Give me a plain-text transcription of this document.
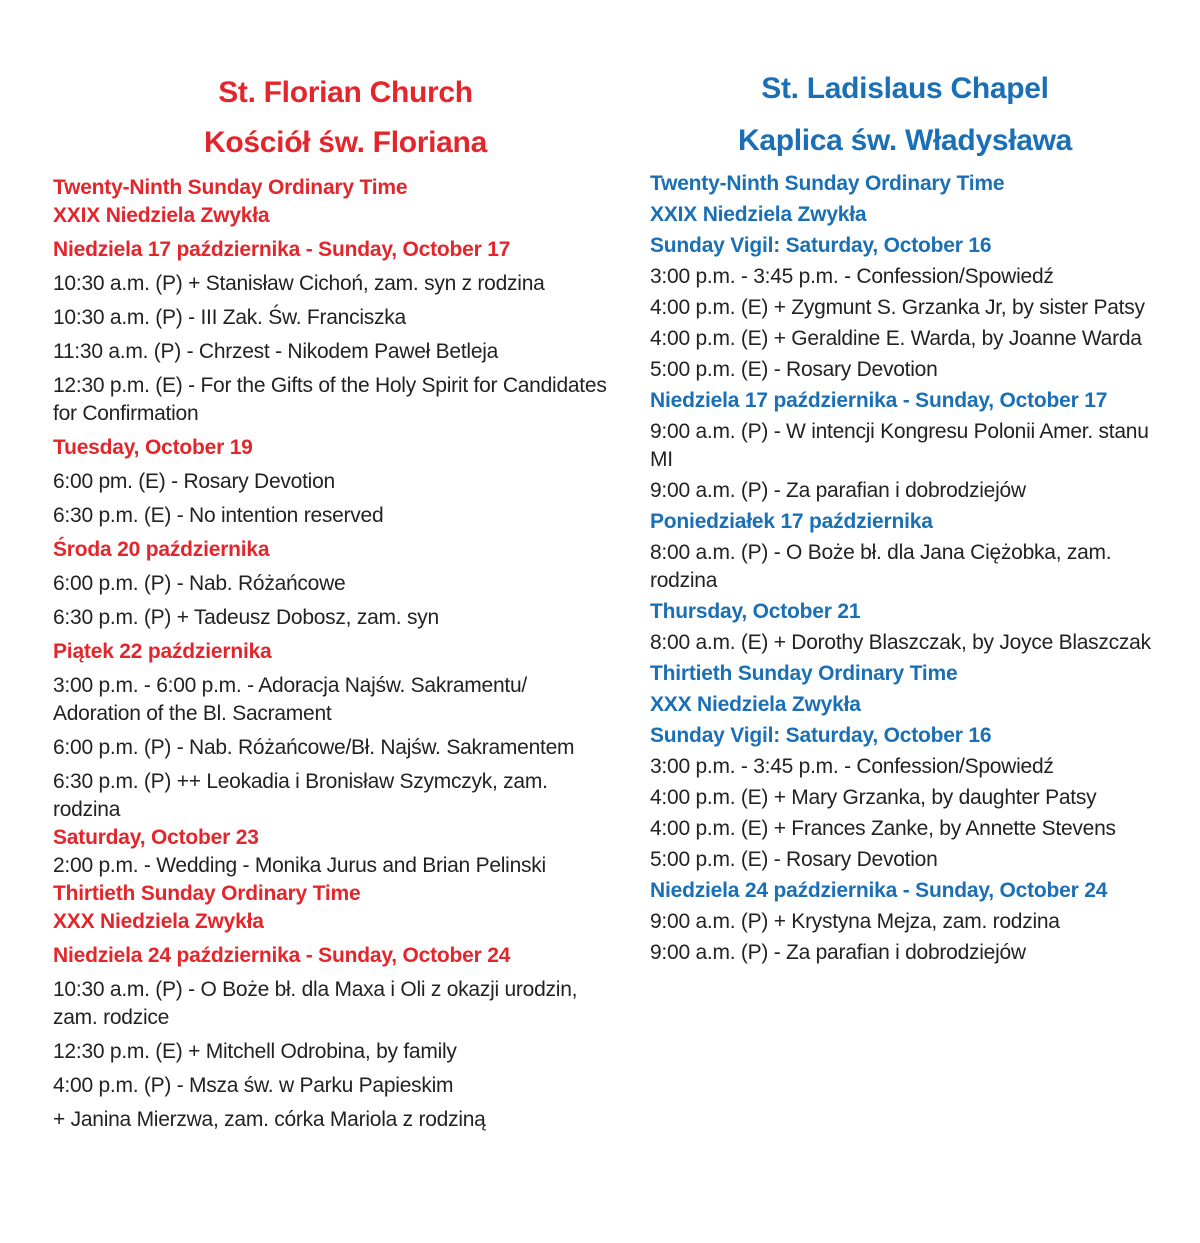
St. Florian Church
Kościół św. Floriana

Twenty-Ninth Sunday Ordinary Time

XXIX Niedziela Zwykła

Niedziela 17 października - Sunday, October 17

10:30 a.m. (P) + Stanisław Cichoń, zam. syn z rodzina

10:30 a.m. (P) - III Zak. Św. Franciszka

11:30 a.m. (P) - Chrzest - Nikodem Paweł Betleja

12:30 p.m. (E) - For the Gifts of the Holy Spirit for Candidates for Confirmation

Tuesday, October 19

6:00 pm. (E) - Rosary Devotion

6:30 p.m. (E) - No intention reserved

Środa 20 października

6:00 p.m. (P) - Nab. Różańcowe

6:30 p.m. (P) + Tadeusz Dobosz, zam. syn

Piątek 22 października

3:00 p.m. - 6:00 p.m. - Adoracja Najśw. Sakramentu/ Adoration of the Bl. Sacrament

6:00 p.m. (P) - Nab. Różańcowe/Bł. Najśw. Sakramentem

6:30 p.m. (P) ++ Leokadia i Bronisław Szymczyk, zam. rodzina

Saturday, October 23

2:00 p.m. - Wedding - Monika Jurus and Brian Pelinski

Thirtieth Sunday Ordinary Time

XXX Niedziela Zwykła

Niedziela 24 października - Sunday, October 24

10:30 a.m. (P) - O Boże bł. dla Maxa i Oli z okazji urodzin, zam. rodzice

12:30 p.m. (E) + Mitchell Odrobina, by family

4:00 p.m. (P) - Msza św. w Parku Papieskim

+ Janina Mierzwa, zam. córka Mariola z rodziną

St. Ladislaus Chapel
Kaplica św. Władysława

Twenty-Ninth Sunday Ordinary Time

XXIX Niedziela Zwykła

Sunday Vigil: Saturday, October 16

3:00 p.m. - 3:45 p.m. - Confession/Spowiedź

4:00 p.m. (E) + Zygmunt S. Grzanka Jr, by sister Patsy

4:00 p.m. (E) + Geraldine E. Warda, by Joanne Warda

5:00 p.m. (E) - Rosary Devotion

Niedziela 17 października - Sunday, October 17

9:00 a.m. (P) - W intencji Kongresu Polonii Amer. stanu MI

9:00 a.m. (P) - Za parafian i dobrodziejów

Poniedziałek 17 października

8:00 a.m. (P) - O Boże bł. dla Jana Ciężobka, zam. rodzina

Thursday, October 21

8:00 a.m. (E) + Dorothy Blaszczak, by Joyce Blaszczak

Thirtieth Sunday Ordinary Time

XXX Niedziela Zwykła

Sunday Vigil: Saturday, October 16

3:00 p.m. - 3:45 p.m. - Confession/Spowiedź

4:00 p.m. (E) + Mary Grzanka, by daughter Patsy

4:00 p.m. (E) + Frances Zanke, by Annette Stevens

5:00 p.m. (E) - Rosary Devotion

Niedziela 24 października - Sunday, October 24

9:00 a.m. (P) + Krystyna Mejza, zam. rodzina

9:00 a.m. (P) - Za parafian i dobrodziejów
